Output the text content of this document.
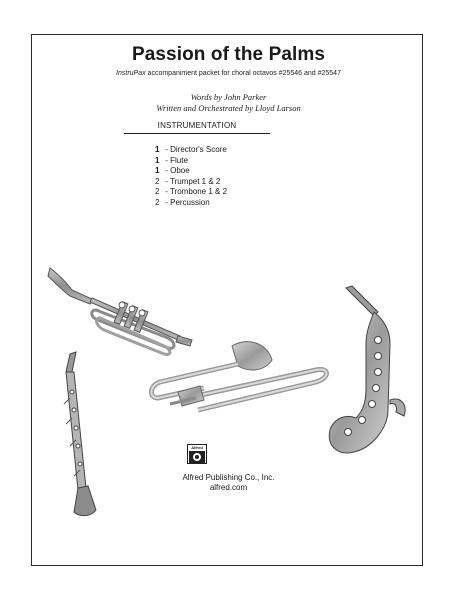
Passion of the Palms
InstruPax accompaniment packet for choral octavos #25546 and #25547
Words by John Parker
Written and Orchestrated by Lloyd Larson
INSTRUMENTATION
1 - Director's Score
1 - Flute
1 - Oboe
2 - Trumpet 1 & 2
2 - Trombone 1 & 2
2 - Percussion
Alfred
Alfred Publishing Co., Inc.
alfred.com
